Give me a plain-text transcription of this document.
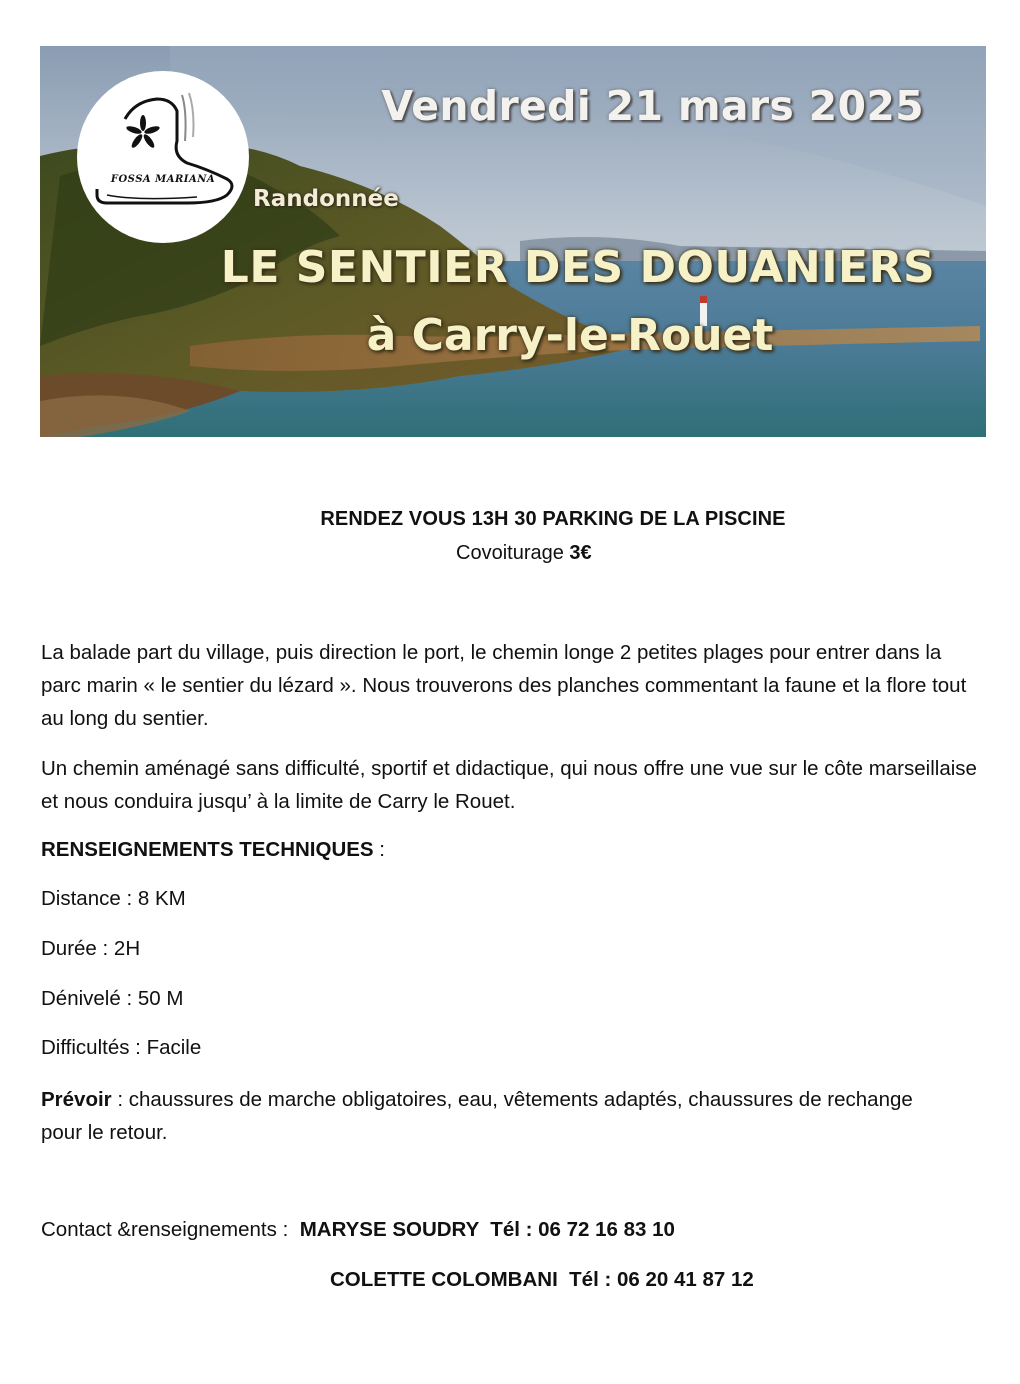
FOSSA MARIANA
Vendredi 21 mars 2025
Randonnée
LE SENTIER DES DOUANIERS
à Carry-le-Rouet
RENDEZ VOUS 13H 30 PARKING DE LA PISCINE
Covoiturage 3€
La balade part du village, puis direction le port, le chemin longe 2 petites plages pour entrer dans la parc marin « le sentier du lézard ». Nous trouverons des planches commentant la faune et la flore tout au long du sentier.
Un chemin aménagé sans difficulté, sportif et didactique, qui nous offre une vue sur le côte marseillaise et nous conduira jusqu’ à la limite de Carry le Rouet.
RENSEIGNEMENTS TECHNIQUES :
Distance : 8 KM
Durée : 2H
Dénivelé : 50 M
Difficultés : Facile
Prévoir : chaussures de marche obligatoires, eau, vêtements adaptés, chaussures de rechange pour le retour.
Contact &renseignements : MARYSE SOUDRY  Tél : 06 72 16 83 10
COLETTE COLOMBANI  Tél : 06 20 41 87 12
